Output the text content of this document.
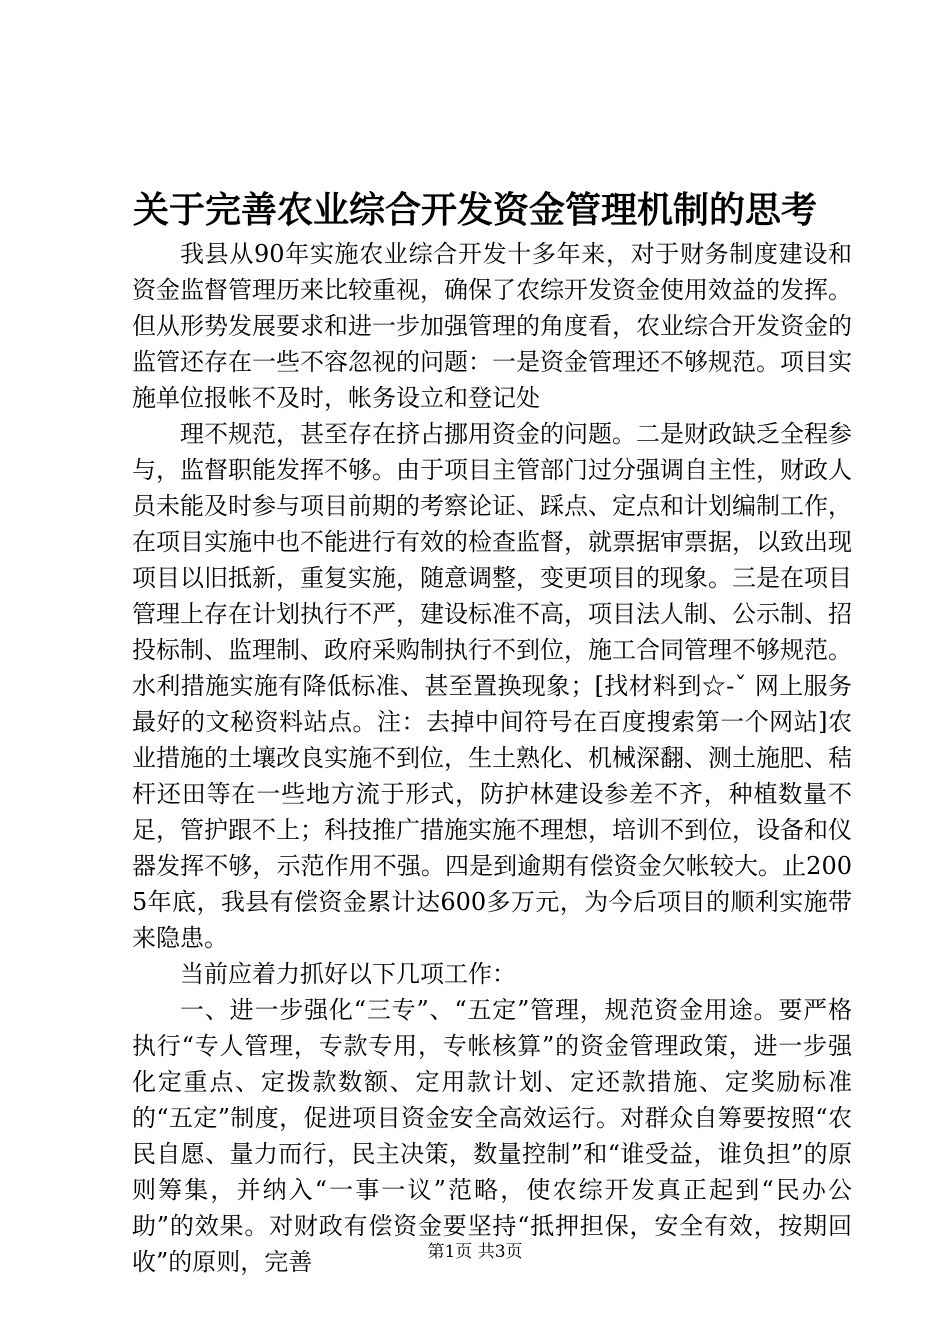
关于完善农业综合开发资金管理机制的思考

我县从90年实施农业综合开发十多年来，对于财务制度建设和资金监督管理历来比较重视，确保了农综开发资金使用效益的发挥。但从形势发展要求和进一步加强管理的角度看，农业综合开发资金的监管还存在一些不容忽视的问题：一是资金管理还不够规范。项目实施单位报帐不及时，帐务设立和登记处

理不规范，甚至存在挤占挪用资金的问题。二是财政缺乏全程参与，监督职能发挥不够。由于项目主管部门过分强调自主性，财政人员未能及时参与项目前期的考察论证、踩点、定点和计划编制工作，在项目实施中也不能进行有效的检查监督，就票据审票据，以致出现项目以旧抵新，重复实施，随意调整，变更项目的现象。三是在项目管理上存在计划执行不严，建设标准不高，项目法人制、公示制、招投标制、监理制、政府采购制执行不到位，施工合同管理不够规范。水利措施实施有降低标准、甚至置换现象；[找材料到☆-ˇ 网上服务最好的文秘资料站点。注：去掉中间符号在百度搜索第一个网站]农业措施的土壤改良实施不到位，生土熟化、机械深翻、测土施肥、秸杆还田等在一些地方流于形式，防护林建设参差不齐，种植数量不足，管护跟不上；科技推广措施实施不理想，培训不到位，设备和仪器发挥不够，示范作用不强。四是到逾期有偿资金欠帐较大。止2005年底，我县有偿资金累计达600多万元，为今后项目的顺利实施带来隐患。

当前应着力抓好以下几项工作：

一、进一步强化“三专”、“五定”管理，规范资金用途。要严格执行“专人管理，专款专用，专帐核算”的资金管理政策，进一步强化定重点、定拨款数额、定用款计划、定还款措施、定奖励标准的“五定”制度，促进项目资金安全高效运行。对群众自筹要按照“农民自愿、量力而行，民主决策，数量控制”和“谁受益，谁负担”的原则筹集，并纳入“一事一议”范略，使农综开发真正起到“民办公助”的效果。对财政有偿资金要坚持“抵押担保，安全有效，按期回收”的原则，完善	第1页 共3页
